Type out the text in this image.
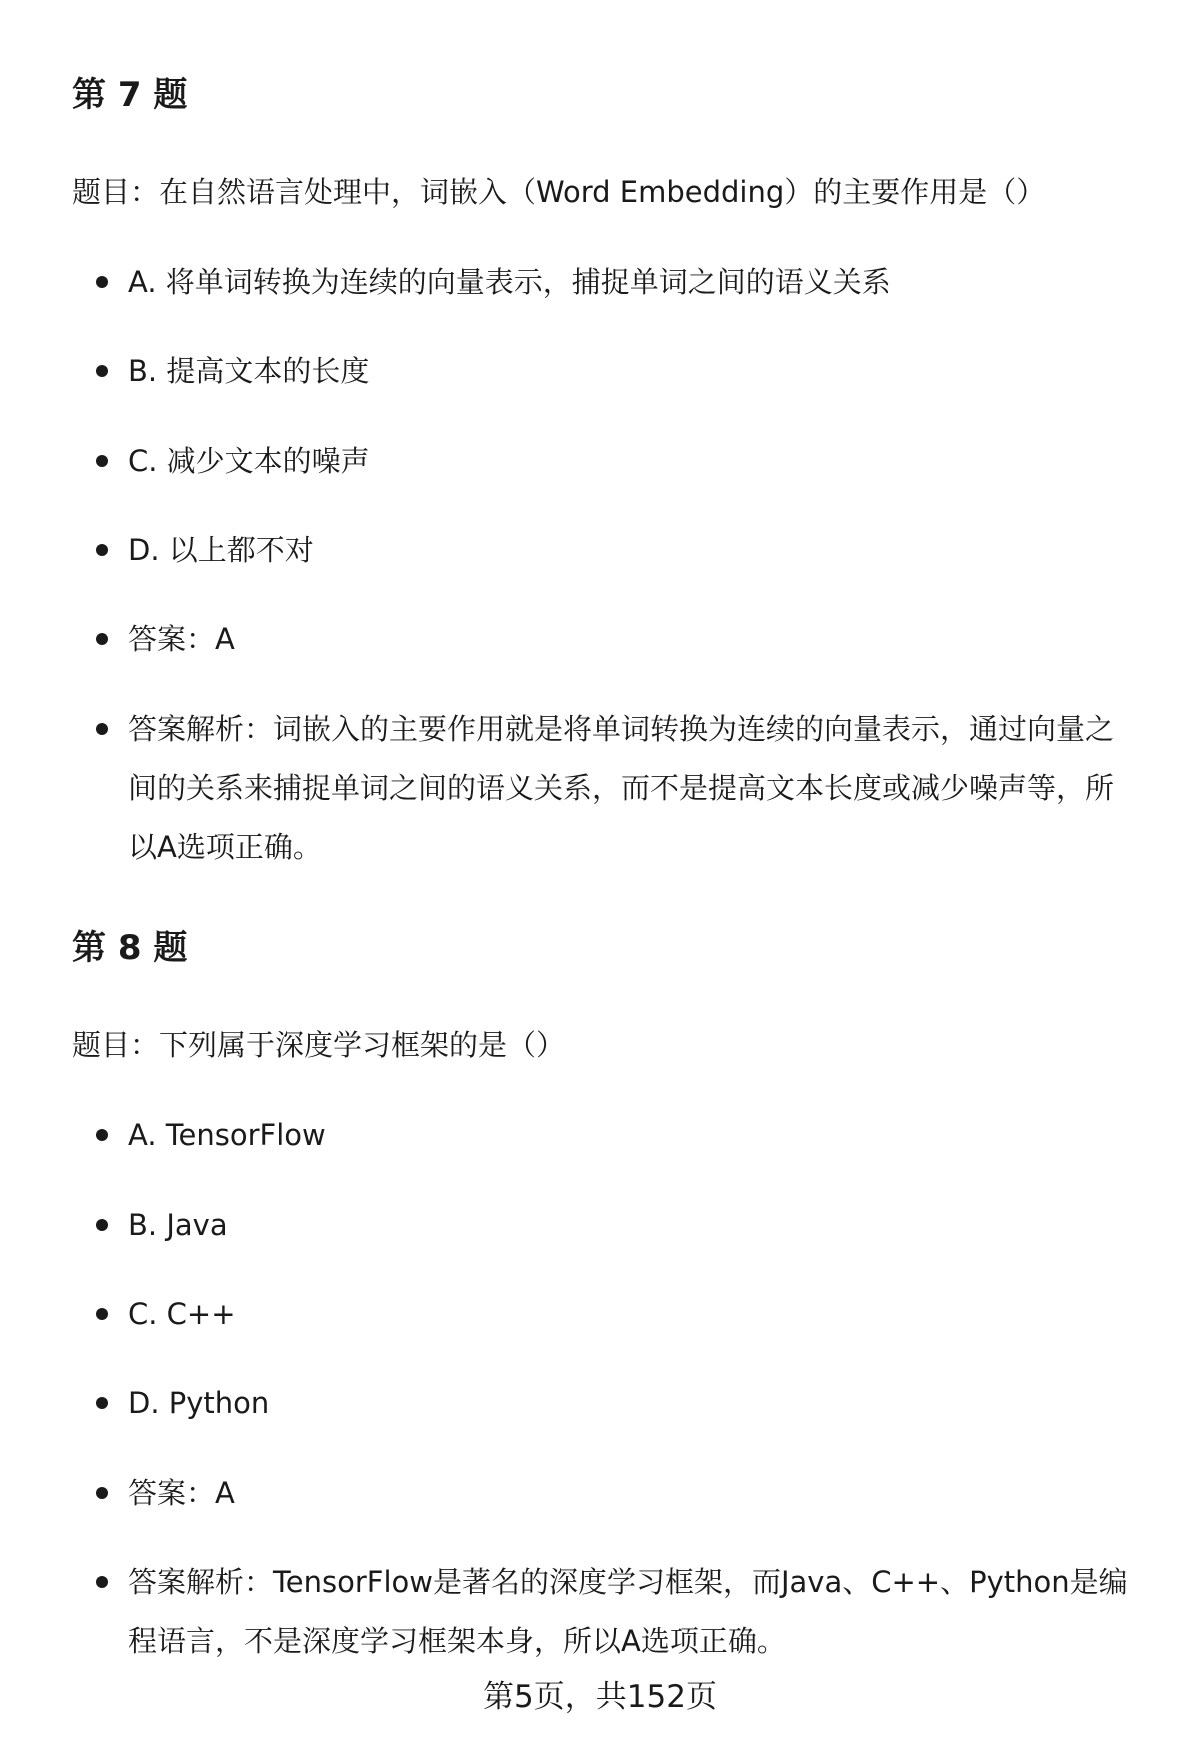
第 7 题

题目：在自然语言处理中，词嵌入（Word Embedding）的主要作用是（）

A. 将单词转换为连续的向量表示，捕捉单词之间的语义关系
B. 提高文本的长度
C. 减少文本的噪声
D. 以上都不对
答案：A
答案解析：词嵌入的主要作用就是将单词转换为连续的向量表示，通过向量之
间的关系来捕捉单词之间的语义关系，而不是提高文本长度或减少噪声等，所
以A选项正确。
第 8 题

题目：下列属于深度学习框架的是（）

A. TensorFlow
B. Java
C. C++
D. Python
答案：A
答案解析：TensorFlow是著名的深度学习框架，而Java、C++、Python是编
程语言，不是深度学习框架本身，所以A选项正确。
第5页，共152页
